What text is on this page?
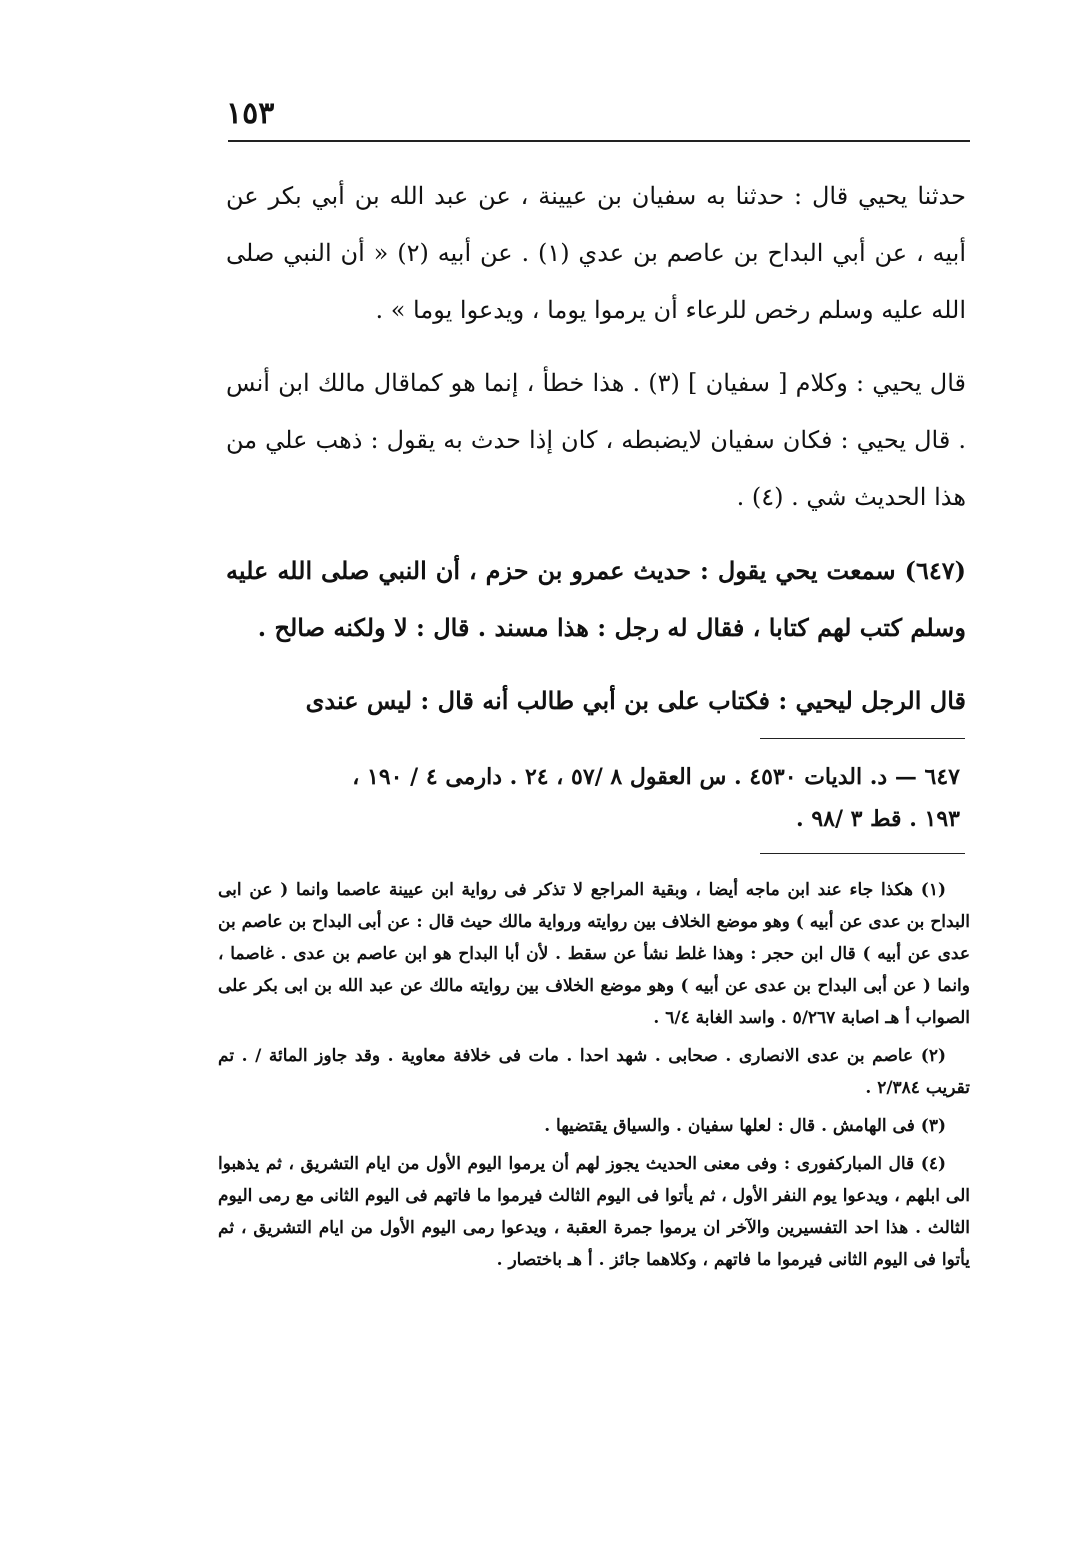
١٥٣

حدثنا يحيي قال : حدثنا به سفيان بن عيينة ، عن عبد الله بن أبي بكر عن أبيه ، عن أبي البداح بن عاصم بن عدي (١) . عن أبيه (٢) « أن النبي صلى الله عليه وسلم رخص للرعاء أن يرموا يوما ، ويدعوا يوما » .

قال يحيي : وكلام [ سفيان ] (٣) . هذا خطأ ، إنما هو كماقال مالك ابن أنس . قال يحيي : فكان سفيان لايضبطه ، كان إذا حدث به يقول : ذهب علي من هذا الحديث شي . (٤) .

(٦٤٧) سمعت يحي يقول : حديث عمرو بن حزم ، أن النبي صلى الله عليه وسلم كتب لهم كتابا ، فقال له رجل : هذا مسند . قال : لا ولكنه صالح .

قال الرجل ليحيي : فكتاب على بن أبي طالب أنه قال : ليس عندى

٦٤٧ — د. الديات ٤٥٣٠ . س العقول ٨ /٥٧ ، ٢٤ . دارمى ٤ / ١٩٠ ،

١٩٣ . قط ٣ /٩٨ .

(١) هكذا جاء عند ابن ماجه أيضا ، وبقية المراجع لا تذكر فى رواية ابن عيينة عاصما وانما ( عن ابى البداح بن عدى عن أبيه ) وهو موضع الخلاف بين روايته ورواية مالك حيث قال : عن أبى البداح بن عاصم بن عدى عن أبيه ) قال ابن حجر : وهذا غلط نشأ عن سقط . لأن أبا البداح هو ابن عاصم بن عدى . غاصما ، وانما ( عن أبى البداح بن عدى عن أبيه ) وهو موضع الخلاف بين روايته مالك عن عبد الله بن ابى بكر على الصواب أ هـ اصابة ٥/٢٦٧ . واسد الغابة ٦/٤ .

(٢) عاصم بن عدى الانصارى . صحابى . شهد احدا . مات فى خلافة معاوية . وقد جاوز المائة / . تم تقريب ٢/٣٨٤ .

(٣) فى الهامش . قال : لعلها سفيان . والسياق يقتضيها .

(٤) قال المباركفورى : وفى معنى الحديث يجوز لهم أن يرموا اليوم الأول من ايام التشريق ، ثم يذهبوا الى ابلهم ، ويدعوا يوم النفر الأول ، ثم يأتوا فى اليوم الثالث فيرموا ما فاتهم فى اليوم الثانى مع رمى اليوم الثالث . هذا احد التفسيرين والآخر ان يرموا جمرة العقبة ، ويدعوا رمى اليوم الأول من ايام التشريق ، ثم يأتوا فى اليوم الثانى فيرموا ما فاتهم ، وكلاهما جائز . أ هـ باختصار .
